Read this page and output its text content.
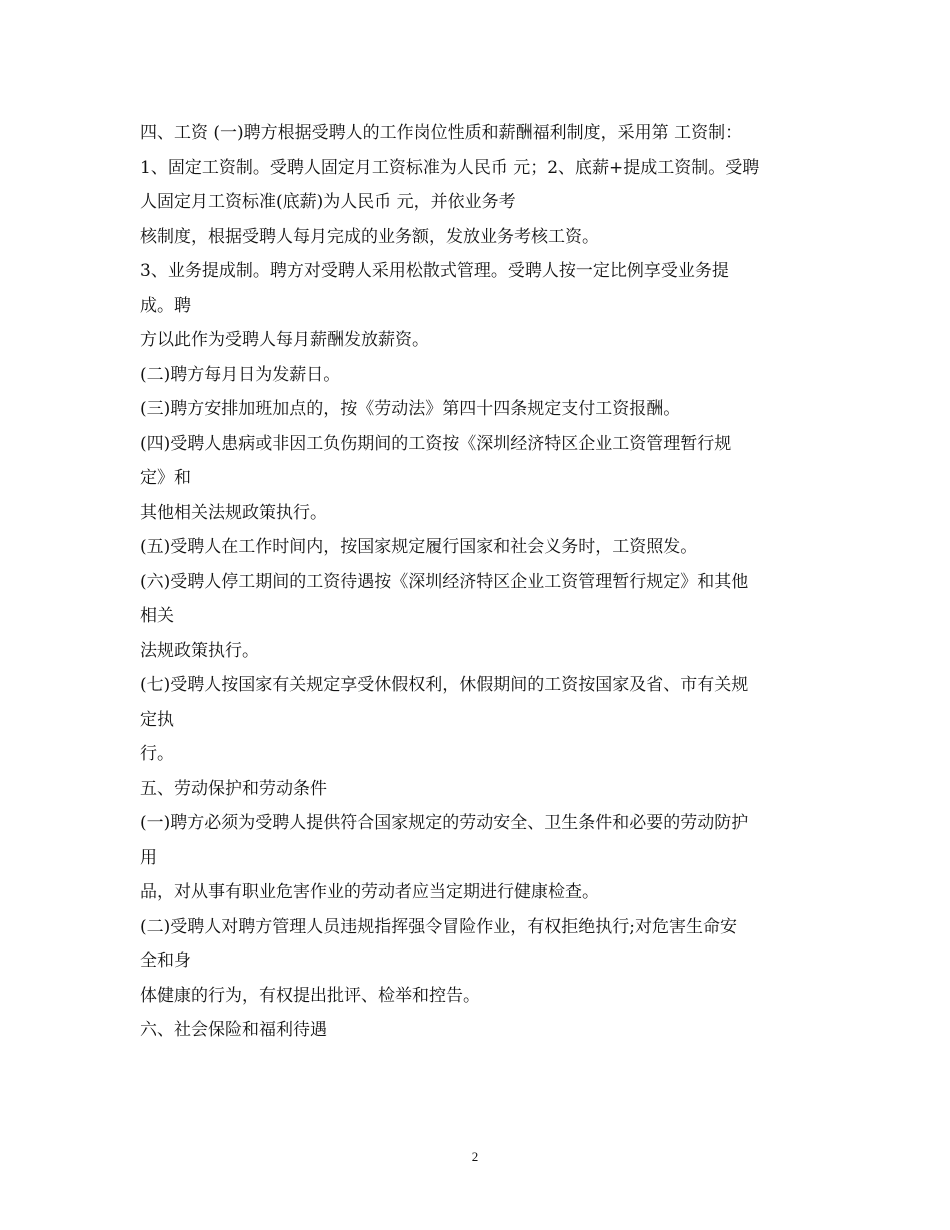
四、工资 (一)聘方根据受聘人的工作岗位性质和薪酬福利制度，采用第 工资制：
1、固定工资制。受聘人固定月工资标准为人民币 元；2、底薪+提成工资制。受聘
人固定月工资标准(底薪)为人民币 元，并依业务考
核制度，根据受聘人每月完成的业务额，发放业务考核工资。
3、业务提成制。聘方对受聘人采用松散式管理。受聘人按一定比例享受业务提
成。聘
方以此作为受聘人每月薪酬发放薪资。
(二)聘方每月日为发薪日。
(三)聘方安排加班加点的，按《劳动法》第四十四条规定支付工资报酬。
(四)受聘人患病或非因工负伤期间的工资按《深圳经济特区企业工资管理暂行规
定》和
其他相关法规政策执行。
(五)受聘人在工作时间内，按国家规定履行国家和社会义务时，工资照发。
(六)受聘人停工期间的工资待遇按《深圳经济特区企业工资管理暂行规定》和其他
相关
法规政策执行。
(七)受聘人按国家有关规定享受休假权利，休假期间的工资按国家及省、市有关规
定执
行。
五、劳动保护和劳动条件
(一)聘方必须为受聘人提供符合国家规定的劳动安全、卫生条件和必要的劳动防护
用
品，对从事有职业危害作业的劳动者应当定期进行健康检查。
(二)受聘人对聘方管理人员违规指挥强令冒险作业，有权拒绝执行;对危害生命安
全和身
体健康的行为，有权提出批评、检举和控告。
六、社会保险和福利待遇
2
